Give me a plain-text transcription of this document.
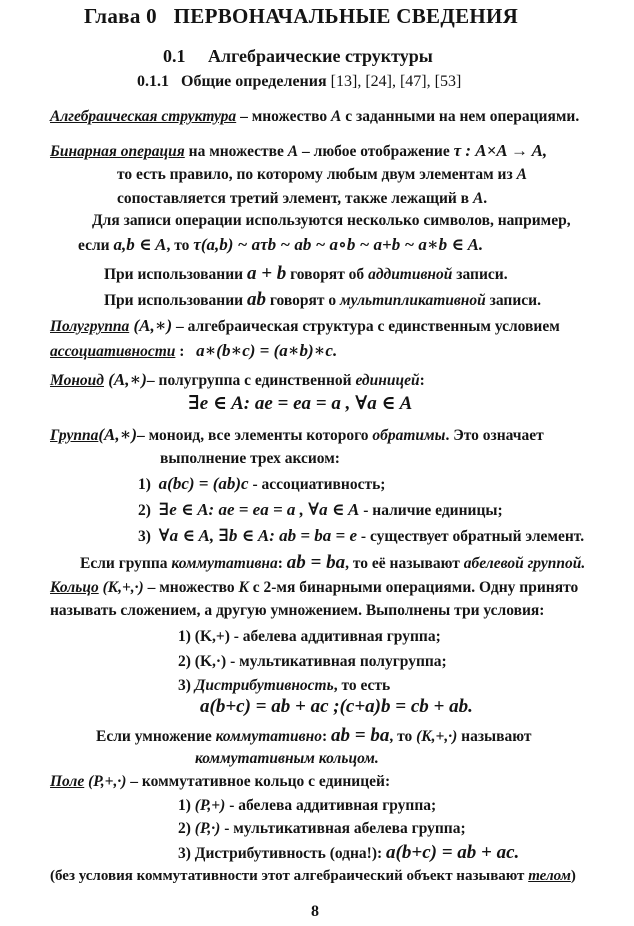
Глава 0 ПЕРВОНАЧАЛЬНЫЕ СВЕДЕНИЯ
0.1 Алгебраические структуры
0.1.1 Общие определения [13], [24], [47], [53]
Алгебраическая структура – множество A с заданными на нем операциями.
Бинарная операция на множестве A – любое отображение τ : A×A → A,
то есть правило, по которому любым двум элементам из A
сопоставляется третий элемент, также лежащий в A.
Для записи операции используются несколько символов, например,
если a,b ∈ A, то τ(a,b) ~ aτb ~ ab ~ a∘b ~ a+b ~ a∗b ∈ A.
При использовании a + b говорят об аддитивной записи.
При использовании ab говорят о мультипликативной записи.
Полугруппа (A,∗) – алгебраическая структура с единственным условием
ассоциативности : a∗(b∗c) = (a∗b)∗c.
Моноид (A,∗)– полугруппа с единственной единицей:
∃e ∈ A: ae = ea = a , ∀a ∈ A
Группа(A,∗)– моноид, все элементы которого обратимы. Это означает
выполнение трех аксиом:
1) a(bc) = (ab)c - ассоциативность;
2) ∃e ∈ A: ae = ea = a , ∀a ∈ A - наличие единицы;
3) ∀a ∈ A, ∃b ∈ A: ab = ba = e - существует обратный элемент.
Если группа коммутативна: ab = ba, то её называют абелевой группой.
Кольцо (K,+,·) – множество K с 2-мя бинарными операциями. Одну принято
называть сложением, а другую умножением. Выполнены три условия:
1) (K,+) - абелева аддитивная группа;
2) (K,·) - мультикативная полугруппа;
3) Дистрибутивность, то есть
a(b+c) = ab + ac ;(c+a)b = cb + ab.
Если умножение коммутативно: ab = ba, то (K,+,·) называют
коммутативным кольцом.
Поле (P,+,·) – коммутативное кольцо с единицей:
1) (P,+) - абелева аддитивная группа;
2) (P,·) - мультикативная абелева группа;
3) Дистрибутивность (одна!): a(b+c) = ab + ac.
(без условия коммутативности этот алгебраический объект называют телом)
8
